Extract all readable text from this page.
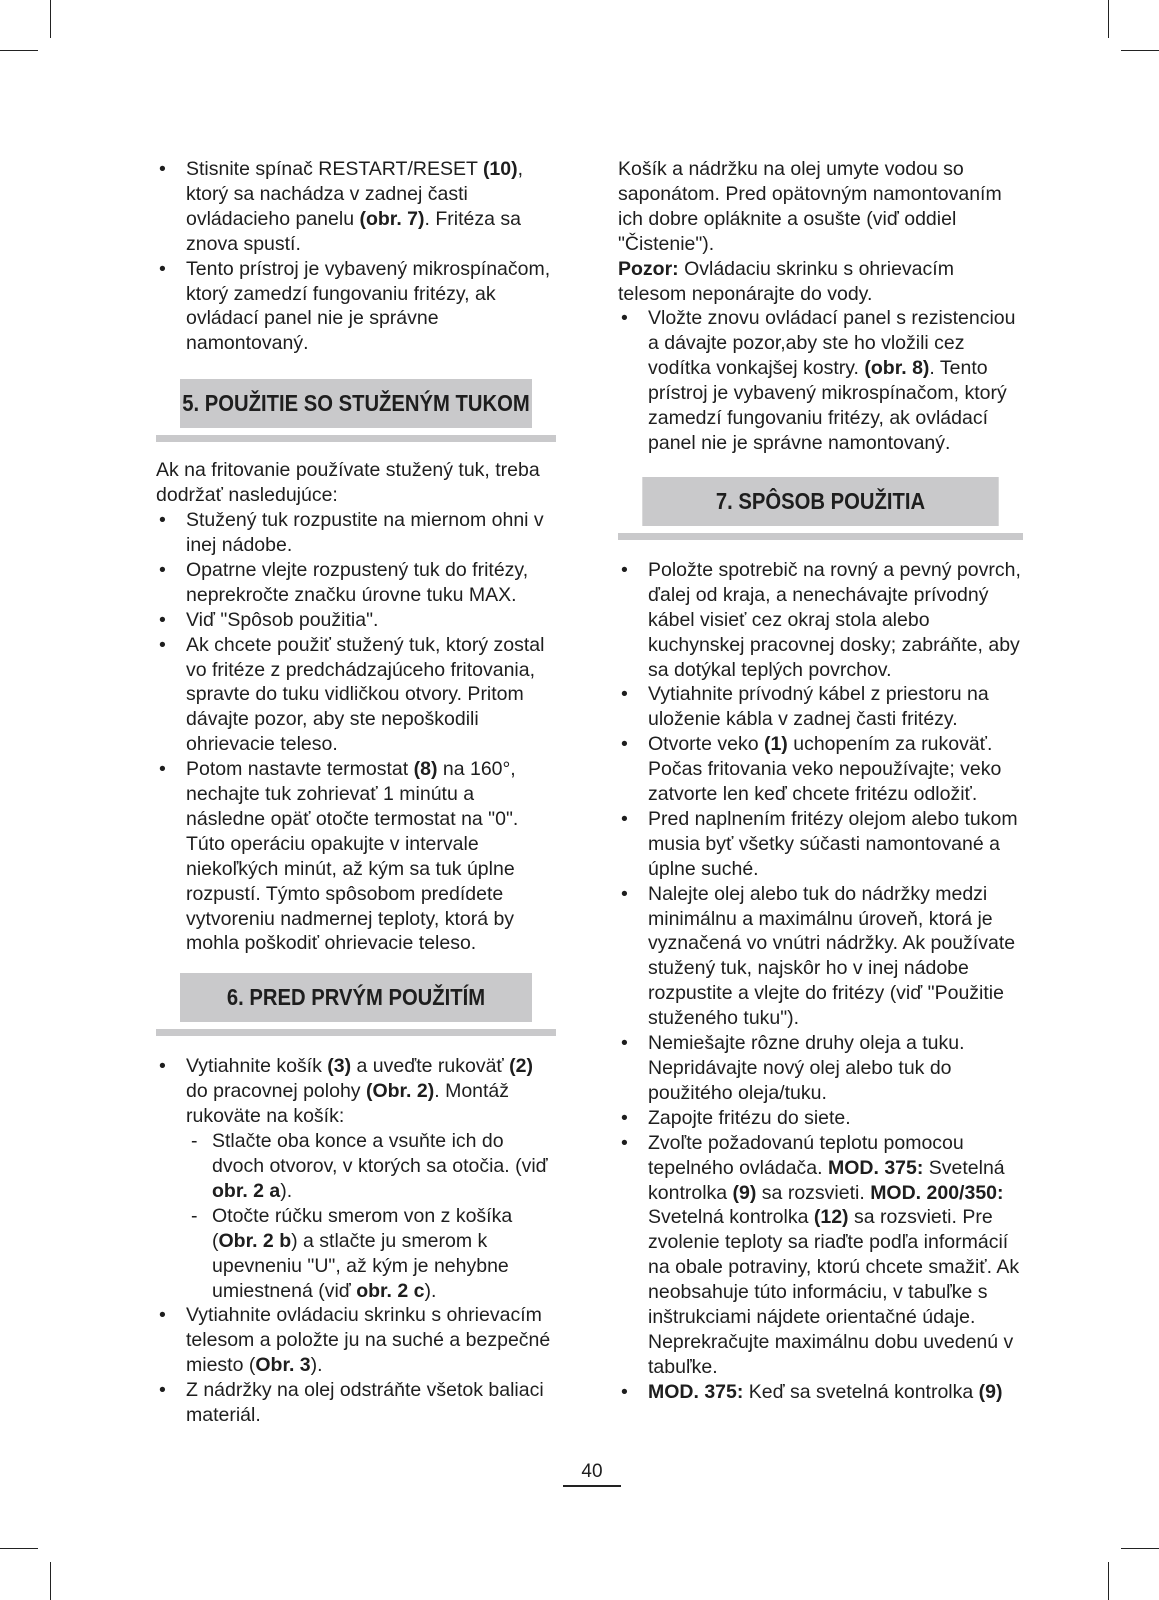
• Stisnite spínač RESTART/RESET (10), ktorý sa nachádza v zadnej časti ovládacieho panelu (obr. 7). Fritéza sa znova spustí.
• Tento prístroj je vybavený mikrospínačom, ktorý zamedzí fungovaniu fritézy, ak ovládací panel nie je správne namontovaný.
5. POUŽITIE SO STUŽENÝM TUKOM

Ak na fritovanie používate stužený tuk, treba dodržať nasledujúce:

• Stužený tuk rozpustite na miernom ohni v inej nádobe.
• Opatrne vlejte rozpustený tuk do fritézy, neprekročte značku úrovne tuku MAX.
• Viď "Spôsob použitia".
• Ak chcete použiť stužený tuk, ktorý zostal vo fritéze z predchádzajúceho fritovania, spravte do tuku vidličkou otvory. Pritom dávajte pozor, aby ste nepoškodili ohrievacie teleso.
• Potom nastavte termostat (8) na 160°, nechajte tuk zohrievať 1 minútu a následne opäť otočte termostat na "0". Túto operáciu opakujte v intervale niekoľkých minút, až kým sa tuk úplne rozpustí. Týmto spôsobom predídete vytvoreniu nadmernej teploty, ktorá by mohla poškodiť ohrievacie teleso.
6. PRED PRVÝM POUŽITÍM
• Vytiahnite košík (3) a uveďte rukoväť (2) do pracovnej polohy (Obr. 2). Montáž rukoväte na košík:
- Stlačte oba konce a vsuňte ich do dvoch otvorov, v ktorých sa otočia. (viď obr. 2 a).
- Otočte rúčku smerom von z košíka (Obr. 2 b) a stlačte ju smerom k upevneniu "U", až kým je nehybne umiestnená (viď obr. 2 c).
• Vytiahnite ovládaciu skrinku s ohrievacím telesom a položte ju na suché a bezpečné miesto (Obr. 3).
• Z nádržky na olej odstráňte všetok baliaci materiál.

Košík a nádržku na olej umyte vodou so saponátom. Pred opätovným namontovaním ich dobre opláknite a osušte (viď oddiel "Čistenie").

Pozor: Ovládaciu skrinku s ohrievacím telesom neponárajte do vody.

• Vložte znovu ovládací panel s rezistenciou a dávajte pozor,aby ste ho vložili cez vodítka vonkajšej kostry. (obr. 8). Tento prístroj je vybavený mikrospínačom, ktorý zamedzí fungovaniu fritézy, ak ovládací panel nie je správne namontovaný.
7. SPÔSOB POUŽITIA
• Položte spotrebič na rovný a pevný povrch, ďalej od kraja, a nenechávajte prívodný kábel visieť cez okraj stola alebo kuchynskej pracovnej dosky; zabráňte, aby sa dotýkal teplých povrchov.
• Vytiahnite prívodný kábel z priestoru na uloženie kábla v zadnej časti fritézy.
• Otvorte veko (1) uchopením za rukoväť. Počas fritovania veko nepoužívajte; veko zatvorte len keď chcete fritézu odložiť.
• Pred naplnením fritézy olejom alebo tukom musia byť všetky súčasti namontované a úplne suché.
• Nalejte olej alebo tuk do nádržky medzi minimálnu a maximálnu úroveň, ktorá je vyznačená vo vnútri nádržky. Ak používate stužený tuk, najskôr ho v inej nádobe rozpustite a vlejte do fritézy (viď "Použitie stuženého tuku").
• Nemiešajte rôzne druhy oleja a tuku. Nepridávajte nový olej alebo tuk do použitého oleja/tuku.
• Zapojte fritézu do siete.
• Zvoľte požadovanú teplotu pomocou tepelného ovládača. MOD. 375: Svetelná kontrolka (9) sa rozsvieti. MOD. 200/350: Svetelná kontrolka (12) sa rozsvieti. Pre zvolenie teploty sa riaďte podľa informácií na obale potraviny, ktorú chcete smažiť. Ak neobsahuje túto informáciu, v tabuľke s inštrukciami nájdete orientačné údaje. Neprekračujte maximálnu dobu uvedenú v tabuľke.
• MOD. 375: Keď sa svetelná kontrolka (9)
40
